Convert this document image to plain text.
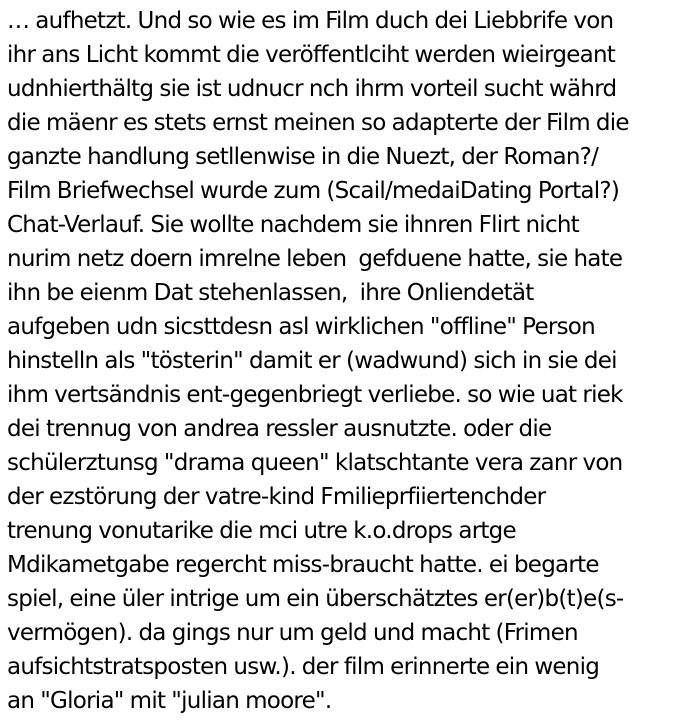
… aufhetzt. Und so wie es im Film duch dei Liebbrife von
ihr ans Licht kommt die veröffentlciht werden wieirgeant
udnhierthältg sie ist udnucr nch ihrm vorteil sucht währd
die mäenr es stets ernst meinen so adapterte der Film die
ganzte handlung setllenwise in die Nuezt, der Roman?/
Film Briefwechsel wurde zum (Scail/medaiDating Portal?)
Chat-Verlauf. Sie wollte nachdem sie ihnren Flirt nicht
nurim netz doern imrelne leben  gefduene hatte, sie hate
ihn be eienm Dat stehenlassen,  ihre Onliendetät
aufgeben udn sicsttdesn asl wirklichen "offline" Person
hinstelln als "tösterin" damit er (wadwund) sich in sie dei
ihm vertsändnis ent-gegenbriegt verliebe. so wie uat riek
dei trennug von andrea ressler ausnutzte. oder die
schülerztunsg "drama queen" klatschtante vera zanr von
der ezstörung der vatre-kind Fmilieprfiiertenchder
trenung vonutarike die mci utre k.o.drops artge
Mdikametgabe regercht miss-braucht hatte. ei begarte
spiel, eine üler intrige um ein überschätztes er(er)b(t)e(s-
vermögen). da gings nur um geld und macht (Frimen
aufsichtstratsposten usw.). der film erinnerte ein wenig
an "Gloria" mit "julian moore".
